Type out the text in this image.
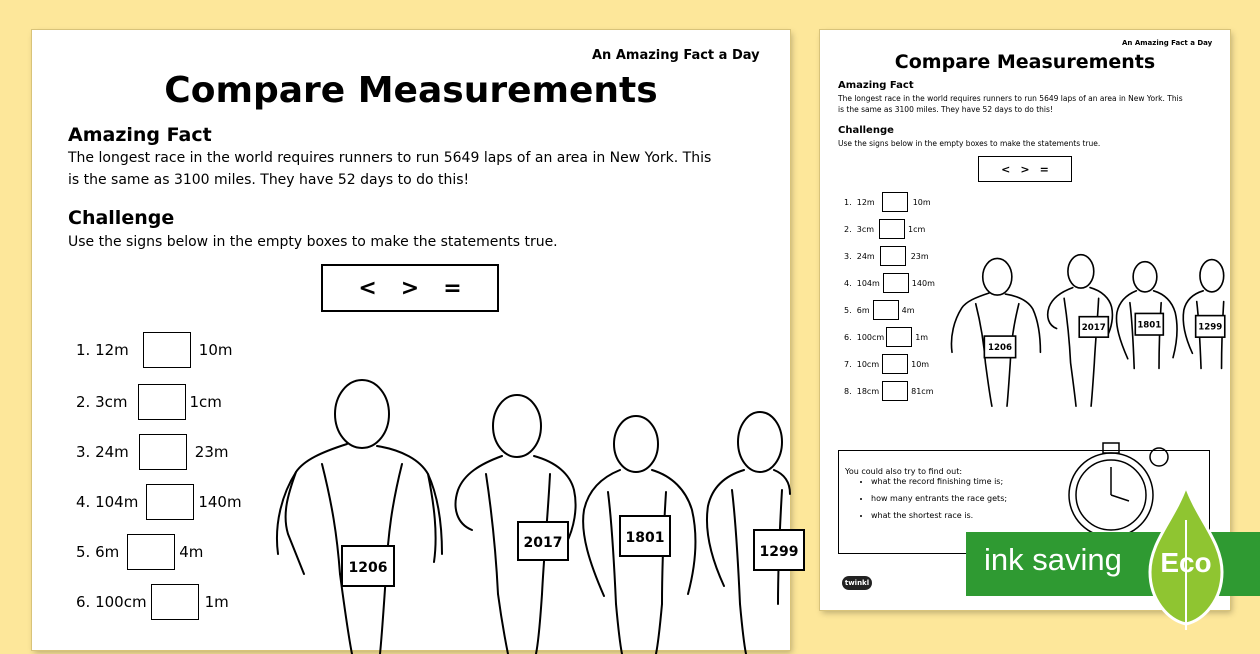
An Amazing Fact a Day
Compare Measurements
Amazing Fact
The longest race in the world requires runners to run 5649 laps of an area in New York. This
is the same as 3100 miles. They have 52 days to do this!
Challenge
Use the signs below in the empty boxes to make the statements true.
< > =
1.
12m	10m
2.
3cm	1cm
3.
24m	23m
4.
104m	140m
5.
6m	4m
6.
100cm	1m
1206
2017	1801
1299
An Amazing Fact a Day
Compare Measurements
Amazing Fact
The longest race in the world requires runners to run 5649 laps of an area in New York. This
is the same as 3100 miles. They have 52 days to do this!
Challenge
Use the signs below in the empty boxes to make the statements true.
< > =
1.
12m	10m
2.
3cm	1cm
3.
24m	23m
4.
104m	140m
5.
6m	4m
6.
100cm	1m
7.
10cm	10m
8.
18cm	81cm
1206
2017 1801 1299
You could also try to find out:
• what the record finishing time is;
• how many entrants the race gets;
• what the shortest race is.
twinkl
ink saving Eco
